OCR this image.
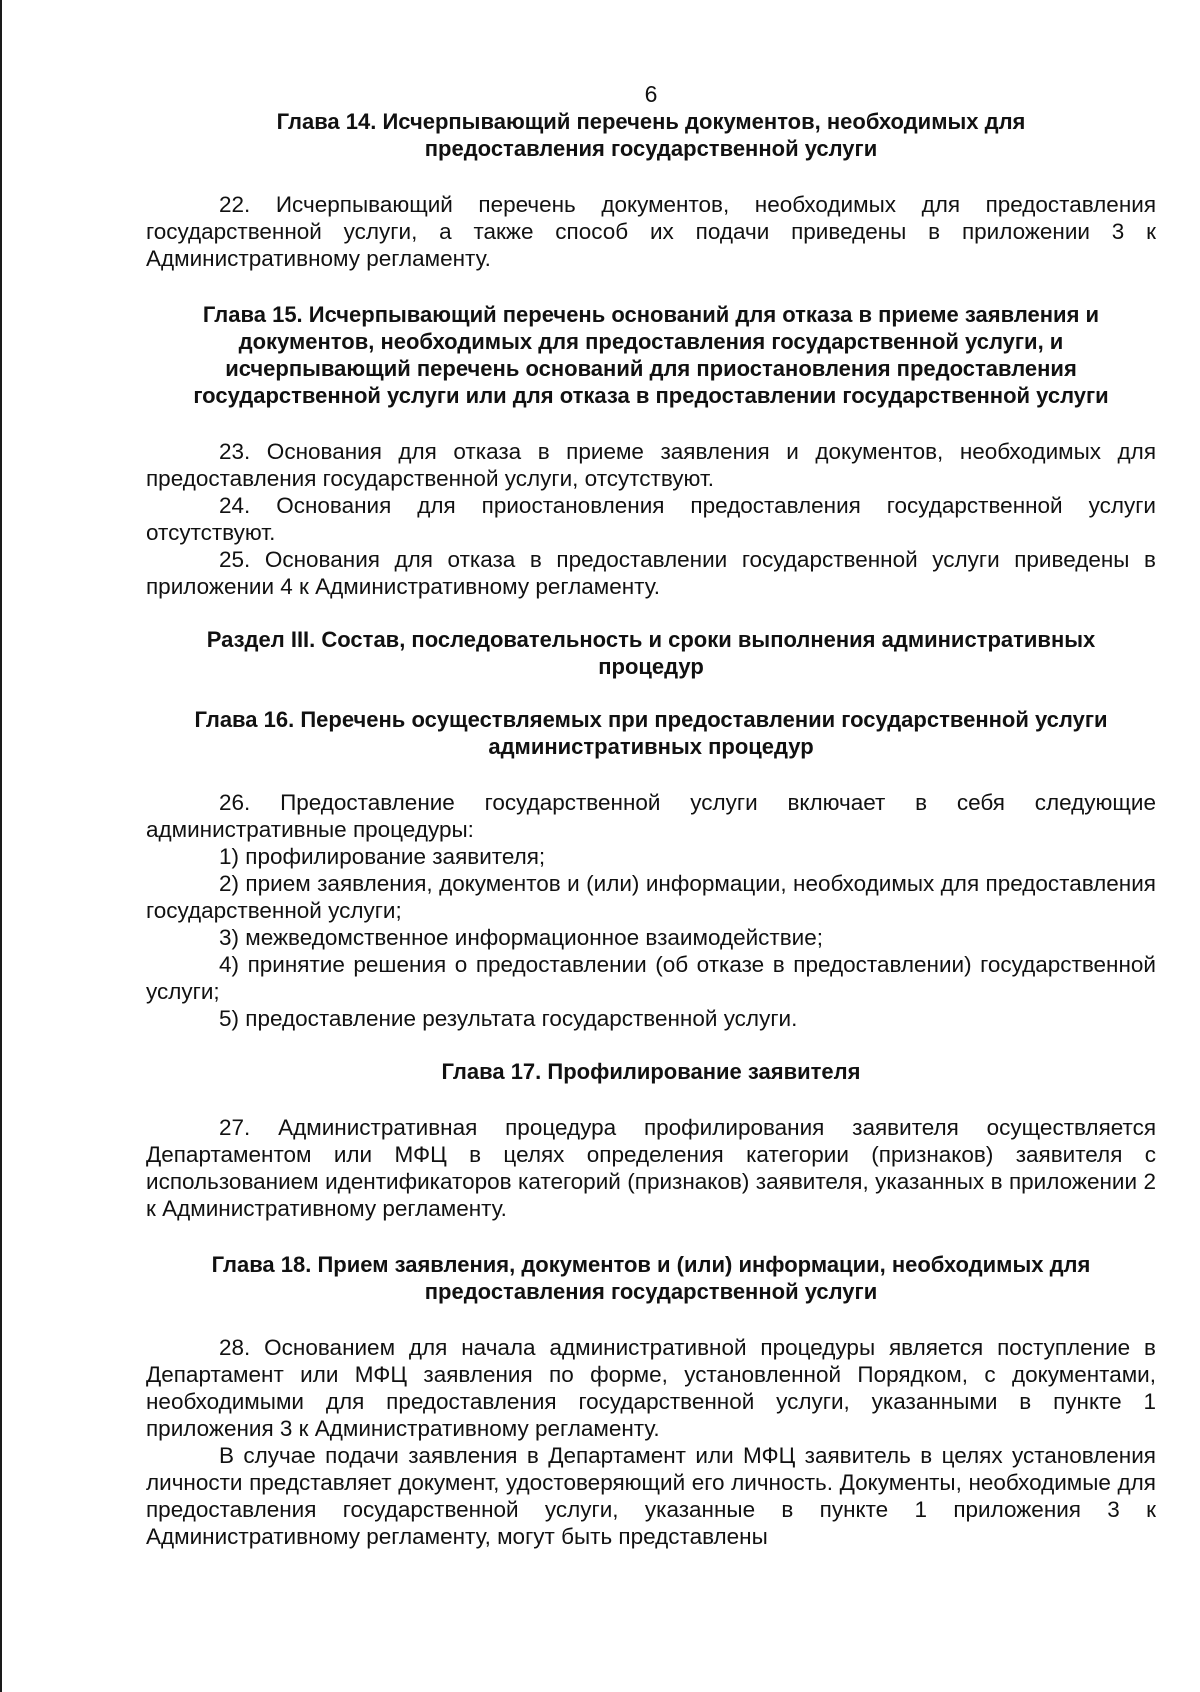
6

Глава 14. Исчерпывающий перечень документов, необходимых для предоставления государственной услуги

22. Исчерпывающий перечень документов, необходимых для предоставления государственной услуги, а также способ их подачи приведены в приложении 3 к Административному регламенту.

Глава 15. Исчерпывающий перечень оснований для отказа в приеме заявления и документов, необходимых для предоставления государственной услуги, и исчерпывающий перечень оснований для приостановления предоставления государственной услуги или для отказа в предоставлении государственной услуги

23. Основания для отказа в приеме заявления и документов, необходимых для предоставления государственной услуги, отсутствуют.

24. Основания для приостановления предоставления государственной услуги отсутствуют.

25. Основания для отказа в предоставлении государственной услуги приведены в приложении 4 к Административному регламенту.

Раздел III. Состав, последовательность и сроки выполнения административных процедур

Глава 16. Перечень осуществляемых при предоставлении государственной услуги административных процедур

26. Предоставление государственной услуги включает в себя следующие административные процедуры:

1) профилирование заявителя;

2) прием заявления, документов и (или) информации, необходимых для предоставления государственной услуги;

3) межведомственное информационное взаимодействие;

4) принятие решения о предоставлении (об отказе в предоставлении) государственной услуги;

5) предоставление результата государственной услуги.

Глава 17. Профилирование заявителя

27. Административная процедура профилирования заявителя осуществляется Департаментом или МФЦ в целях определения категории (признаков) заявителя с использованием идентификаторов категорий (признаков) заявителя, указанных в приложении 2 к Административному регламенту.

Глава 18. Прием заявления, документов и (или) информации, необходимых для предоставления государственной услуги

28. Основанием для начала административной процедуры является поступление в Департамент или МФЦ заявления по форме, установленной Порядком, с документами, необходимыми для предоставления государственной услуги, указанными в пункте 1 приложения 3 к Административному регламенту.

В случае подачи заявления в Департамент или МФЦ заявитель в целях установления личности представляет документ, удостоверяющий его личность. Документы, необходимые для предоставления государственной услуги, указанные в пункте 1 приложения 3 к Административному регламенту, могут быть представлены
